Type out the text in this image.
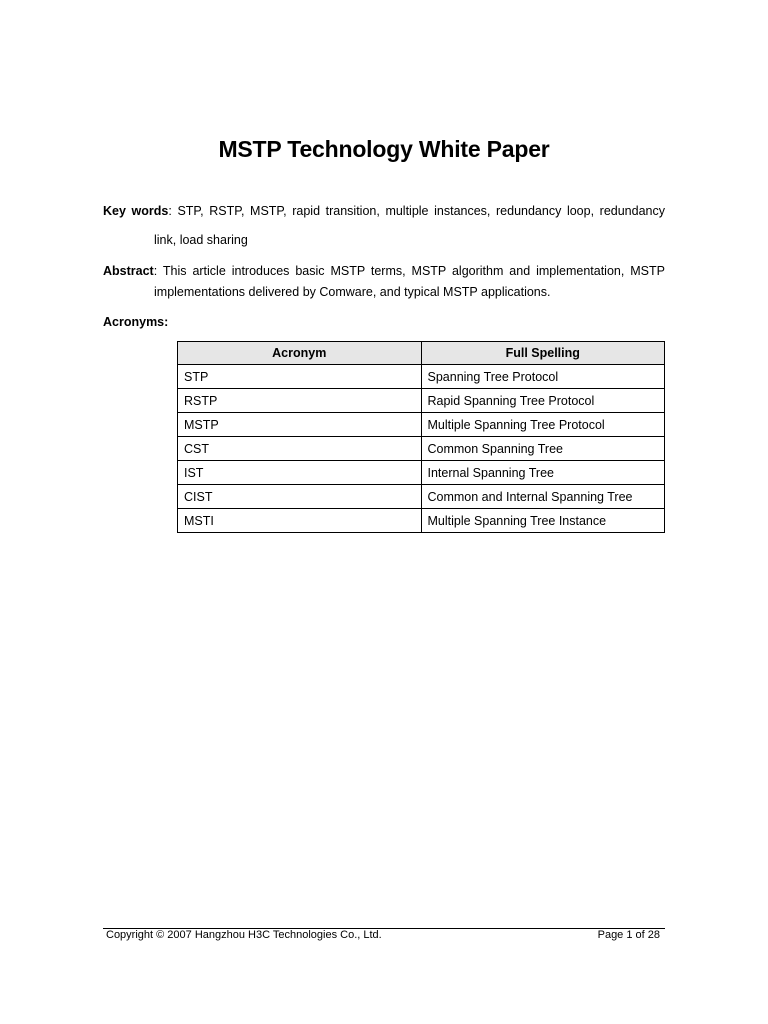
MSTP Technology White Paper
Key words: STP, RSTP, MSTP, rapid transition, multiple instances, redundancy loop, redundancy
link, load sharing
Abstract: This article introduces basic MSTP terms, MSTP algorithm and implementation, MSTP
implementations delivered by Comware, and typical MSTP applications.
Acronyms:
Acronym	Full Spelling
STP	Spanning Tree Protocol
RSTP	Rapid Spanning Tree Protocol
MSTP	Multiple Spanning Tree Protocol
CST	Common Spanning Tree
IST	Internal Spanning Tree
CIST	Common and Internal Spanning Tree
MSTI	Multiple Spanning Tree Instance
Copyright © 2007 Hangzhou H3C Technologies Co., Ltd.	Page 1 of 28
